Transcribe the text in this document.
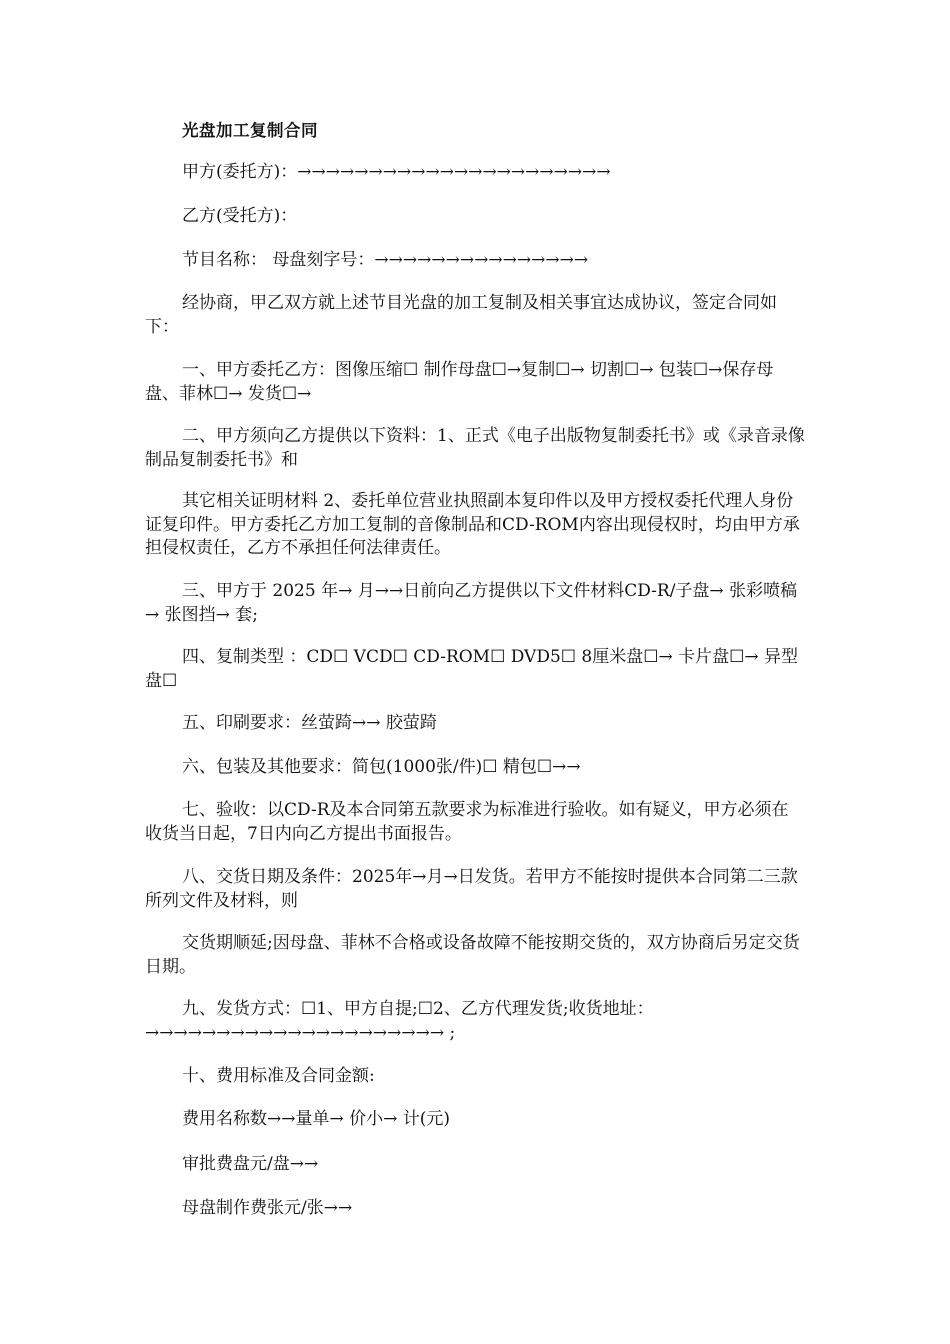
光盘加工复制合同
甲方(委托方)：→→→→→→→→→→→→→→→→→→→→→→
乙方(受托方)：
节目名称： 母盘刻字号：→→→→→→→→→→→→→→→
经协商，甲乙双方就上述节目光盘的加工复制及相关事宜达成协议，签定合同如下：
一、甲方委托乙方：图像压缩☐ 制作母盘☐→复制☐→ 切割☐→ 包装☐→保存母盘、菲林☐→ 发货☐→
二、甲方须向乙方提供以下资料：1、正式《电子出版物复制委托书》或《录音录像制品复制委托书》和
其它相关证明材料 2、委托单位营业执照副本复印件以及甲方授权委托代理人身份证复印件。甲方委托乙方加工复制的音像制品和CD-ROM内容出现侵权时，均由甲方承担侵权责任，乙方不承担任何法律责任。
三、甲方于 2025 年→ 月→→日前向乙方提供以下文件材料CD-R/子盘→ 张彩喷稿→ 张图挡→ 套;
四、复制类型 ：CD☐ VCD☐ CD-ROM☐ DVD5☐ 8厘米盘☐→ 卡片盘☐→ 异型盘☐
五、印刷要求：丝萤踦→→ 胶萤踦
六、包装及其他要求：简包(1000张/件)☐ 精包☐→→
七、验收：以CD-R及本合同第五款要求为标准进行验收。如有疑义，甲方必须在收货当日起，7日内向乙方提出书面报告。
八、交货日期及条件：2025年→月→日发货。若甲方不能按时提供本合同第二三款所列文件及材料，则
交货期顺延;因母盘、菲林不合格或设备故障不能按期交货的，双方协商后另定交货日期。
九、发货方式：☐1、甲方自提;☐2、乙方代理发货;收货地址：→→→→→→→→→→→→→→→→→→→→→ ;
十、费用标准及合同金额:
费用名称数→→量单→ 价小→ 计(元)
审批费盘元/盘→→
母盘制作费张元/张→→
